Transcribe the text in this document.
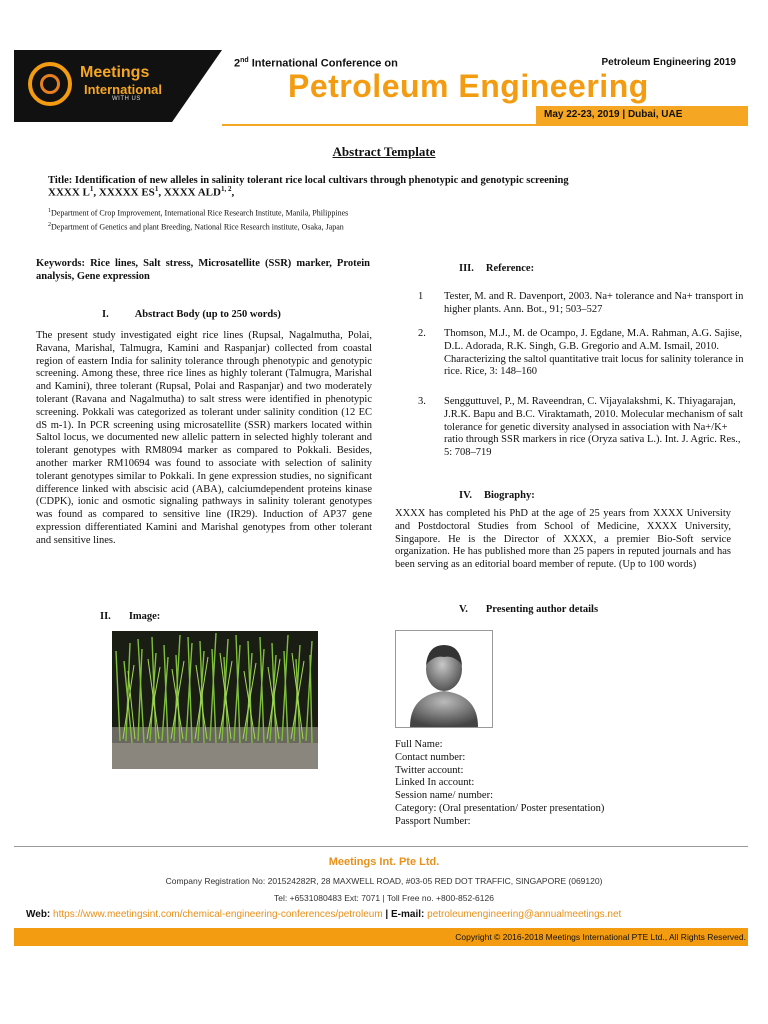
Meetings
International
WITH US
2nd International Conference on	Petroleum Engineering 2019
Petroleum Engineering
May 22-23, 2019 | Dubai, UAE
Abstract Template
Title: Identification of new alleles in salinity tolerant rice local cultivars through phenotypic and genotypic screening
XXXX $L^1$, XXXXX $ES^1$, XXXX ALD$^{1, 2}$,
$^1$Department of Crop Improvement, International Rice Research Institute, Manila, Philippines
$^2$Department of Genetics and plant Breeding, National Rice Research institute, Osaka, Japan
Keywords: Rice lines, Salt stress, Microsatellite (SSR) marker, Protein analysis, Gene expression
I. Abstract Body (up to 250 words)
The present study investigated eight rice lines (Rupsal, Nagalmutha, Polai, Ravana, Marishal, Talmugra, Kamini and Raspanjar) collected from coastal region of eastern India for salinity tolerance through phenotypic and genotypic screening. Among these, three rice lines as highly tolerant (Talmugra, Marishal and Kamini), three tolerant (Rupsal, Polai and Raspanjar) and two moderately tolerant (Ravana and Nagalmutha) to salt stress were identified in phenotypic screening. Pokkali was categorized as tolerant under salinity condition (12 EC dS m-1). In PCR screening using microsatellite (SSR) markers located within Saltol locus, we documented new allelic pattern in selected highly tolerant and tolerant genotypes with RM8094 marker as compared to Pokkali. Besides, another marker RM10694 was found to associate with selection of salinity tolerant genotypes similar to Pokkali. In gene expression studies, no significant difference linked with abscisic acid (ABA), calciumdependent proteins kinase (CDPK), ionic and osmotic signaling pathways in salinity tolerant genotypes was found as compared to sensitive line (IR29). Induction of AP37 gene expression differentiated Kamini and Marishal genotypes from other tolerant and sensitive lines.
II. Image:
III. Reference:
1 Tester, M. and R. Davenport, 2003. Na+ tolerance and Na+ transport in higher plants. Ann. Bot., 91; 503–527
2. Thomson, M.J., M. de Ocampo, J. Egdane, M.A. Rahman, A.G. Sajise, D.L. Adorada, R.K. Singh, G.B. Gregorio and A.M. Ismail, 2010. Characterizing the saltol quantitative trait locus for salinity tolerance in rice. Rice, 3: 148–160
3. Sengguttuvel, P., M. Raveendran, C. Vijayalakshmi, K. Thiyagarajan, J.R.K. Bapu and B.C. Viraktamath, 2010. Molecular mechanism of salt tolerance for genetic diversity analysed in association with Na+/K+ ratio through SSR markers in rice (Oryza sativa L.). Int. J. Agric. Res., 5: 708–719
IV. Biography:
XXXX has completed his PhD at the age of 25 years from XXXX University and Postdoctoral Studies from School of Medicine, XXXX University, Singapore. He is the Director of XXXX, a premier Bio-Soft service organization. He has published more than 25 papers in reputed journals and has been serving as an editorial board member of repute. (Up to 100 words)
V. Presenting author details
Full Name:
Contact number:
Twitter account:
Linked In account:
Session name/ number:
Category: (Oral presentation/ Poster presentation)
Passport Number:
Meetings Int. Pte Ltd.
Company Registration No: 201524282R, 28 MAXWELL ROAD, #03-05 RED DOT TRAFFIC, SINGAPORE (069120)
Tel: +6531080483 Ext: 7071 | Toll Free no. +800-852-6126
Web: https://www.meetingsint.com/chemical-engineering-conferences/petroleum | E-mail: petroleumengineering@annualmeetings.net
Copyright © 2016-2018 Meetings International PTE Ltd., All Rights Reserved.
